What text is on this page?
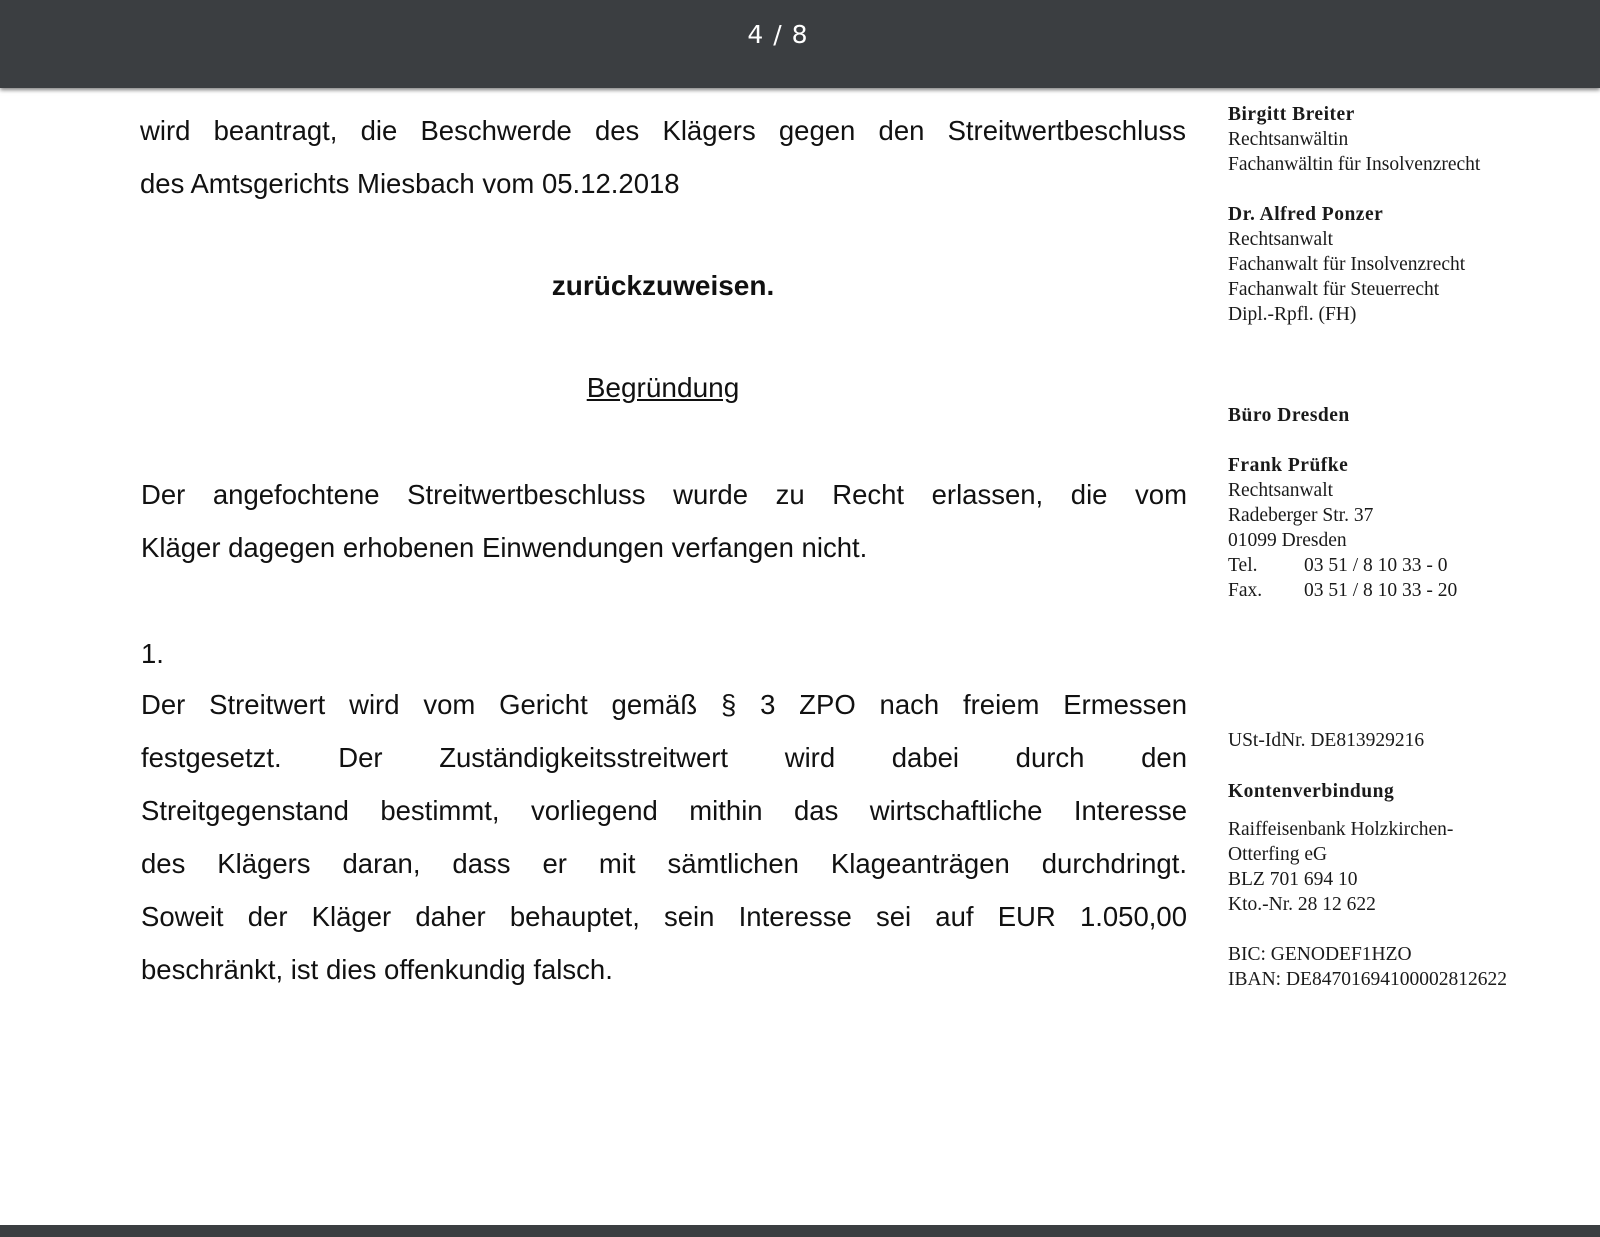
4 / 8
wird beantragt, die Beschwerde des Klägers gegen den Streitwertbeschluss
des Amtsgerichts Miesbach vom 05.12.2018
zurückzuweisen.
Begründung
Der angefochtene Streitwertbeschluss wurde zu Recht erlassen, die vom
Kläger dagegen erhobenen Einwendungen verfangen nicht.
1.
Der Streitwert wird vom Gericht gemäß § 3 ZPO nach freiem Ermessen
festgesetzt. Der Zuständigkeitsstreitwert wird dabei durch den
Streitgegenstand bestimmt, vorliegend mithin das wirtschaftliche Interesse
des Klägers daran, dass er mit sämtlichen Klageanträgen durchdringt.
Soweit der Kläger daher behauptet, sein Interesse sei auf EUR 1.050,00
beschränkt, ist dies offenkundig falsch.
Birgitt Breiter
Rechtsanwältin
Fachanwältin für Insolvenzrecht
Dr. Alfred Ponzer
Rechtsanwalt
Fachanwalt für Insolvenzrecht
Fachanwalt für Steuerrecht
Dipl.-Rpfl. (FH)
Büro Dresden
Frank Prüfke
Rechtsanwalt
Radeberger Str. 37
01099 Dresden
Tel. 03 51 / 8 10 33 - 0
Fax. 03 51 / 8 10 33 - 20
USt-IdNr. DE813929216
Kontenverbindung
Raiffeisenbank Holzkirchen-
Otterfing eG
BLZ 701 694 10
Kto.-Nr. 28 12 622
BIC: GENODEF1HZO
IBAN: DE84701694100002812622
